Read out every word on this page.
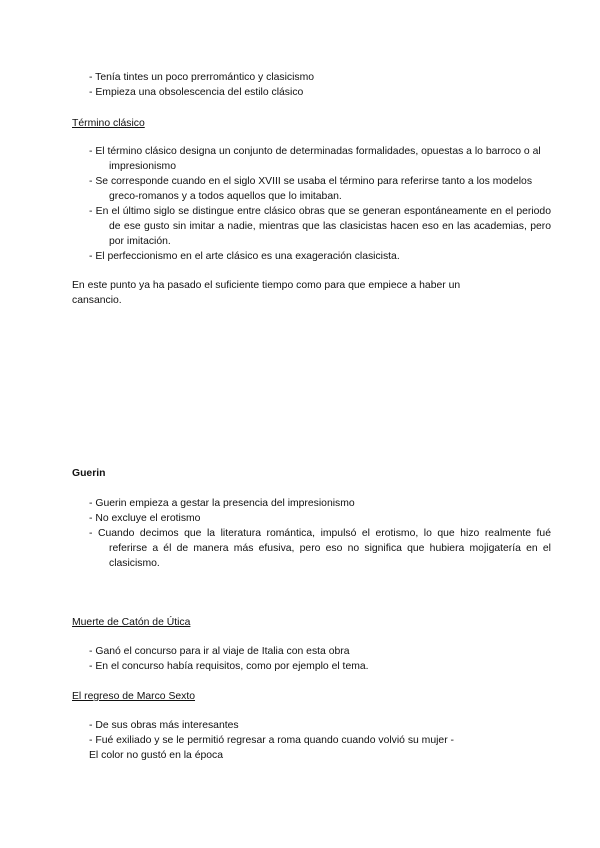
- Tenía tintes un poco prerromántico y clasicismo
- Empieza una obsolescencia del estilo clásico
Término clásico
- El término clásico designa un conjunto de determinadas formalidades, opuestas a lo barroco o al impresionismo
- Se corresponde cuando en el siglo XVIII se usaba el término para referirse tanto a los modelos greco-romanos y a todos aquellos que lo imitaban.
- En el último siglo se distingue entre clásico obras que se generan espontáneamente en el periodo de ese gusto sin imitar a nadie, mientras que las clasicistas hacen eso en las academias, pero por imitación.
- El perfeccionismo en el arte clásico es una exageración clasicista.
En este punto ya ha pasado el suficiente tiempo como para que empiece a haber un cansancio.
Guerin
- Guerin empieza a gestar la presencia del impresionismo
- No excluye el erotismo
- Cuando decimos que la literatura romántica, impulsó el erotismo, lo que hizo realmente fué referirse a él de manera más efusiva, pero eso no significa que hubiera mojigatería en el clasicismo.
Muerte de Catón de Útica
- Ganó el concurso para ir al viaje de Italia con esta obra
- En el concurso había requisitos, como por ejemplo el tema.
El regreso de Marco Sexto
- De sus obras más interesantes
- Fué exiliado y se le permitió regresar a roma quando cuando volvió su mujer -
El color no gustó en la época
